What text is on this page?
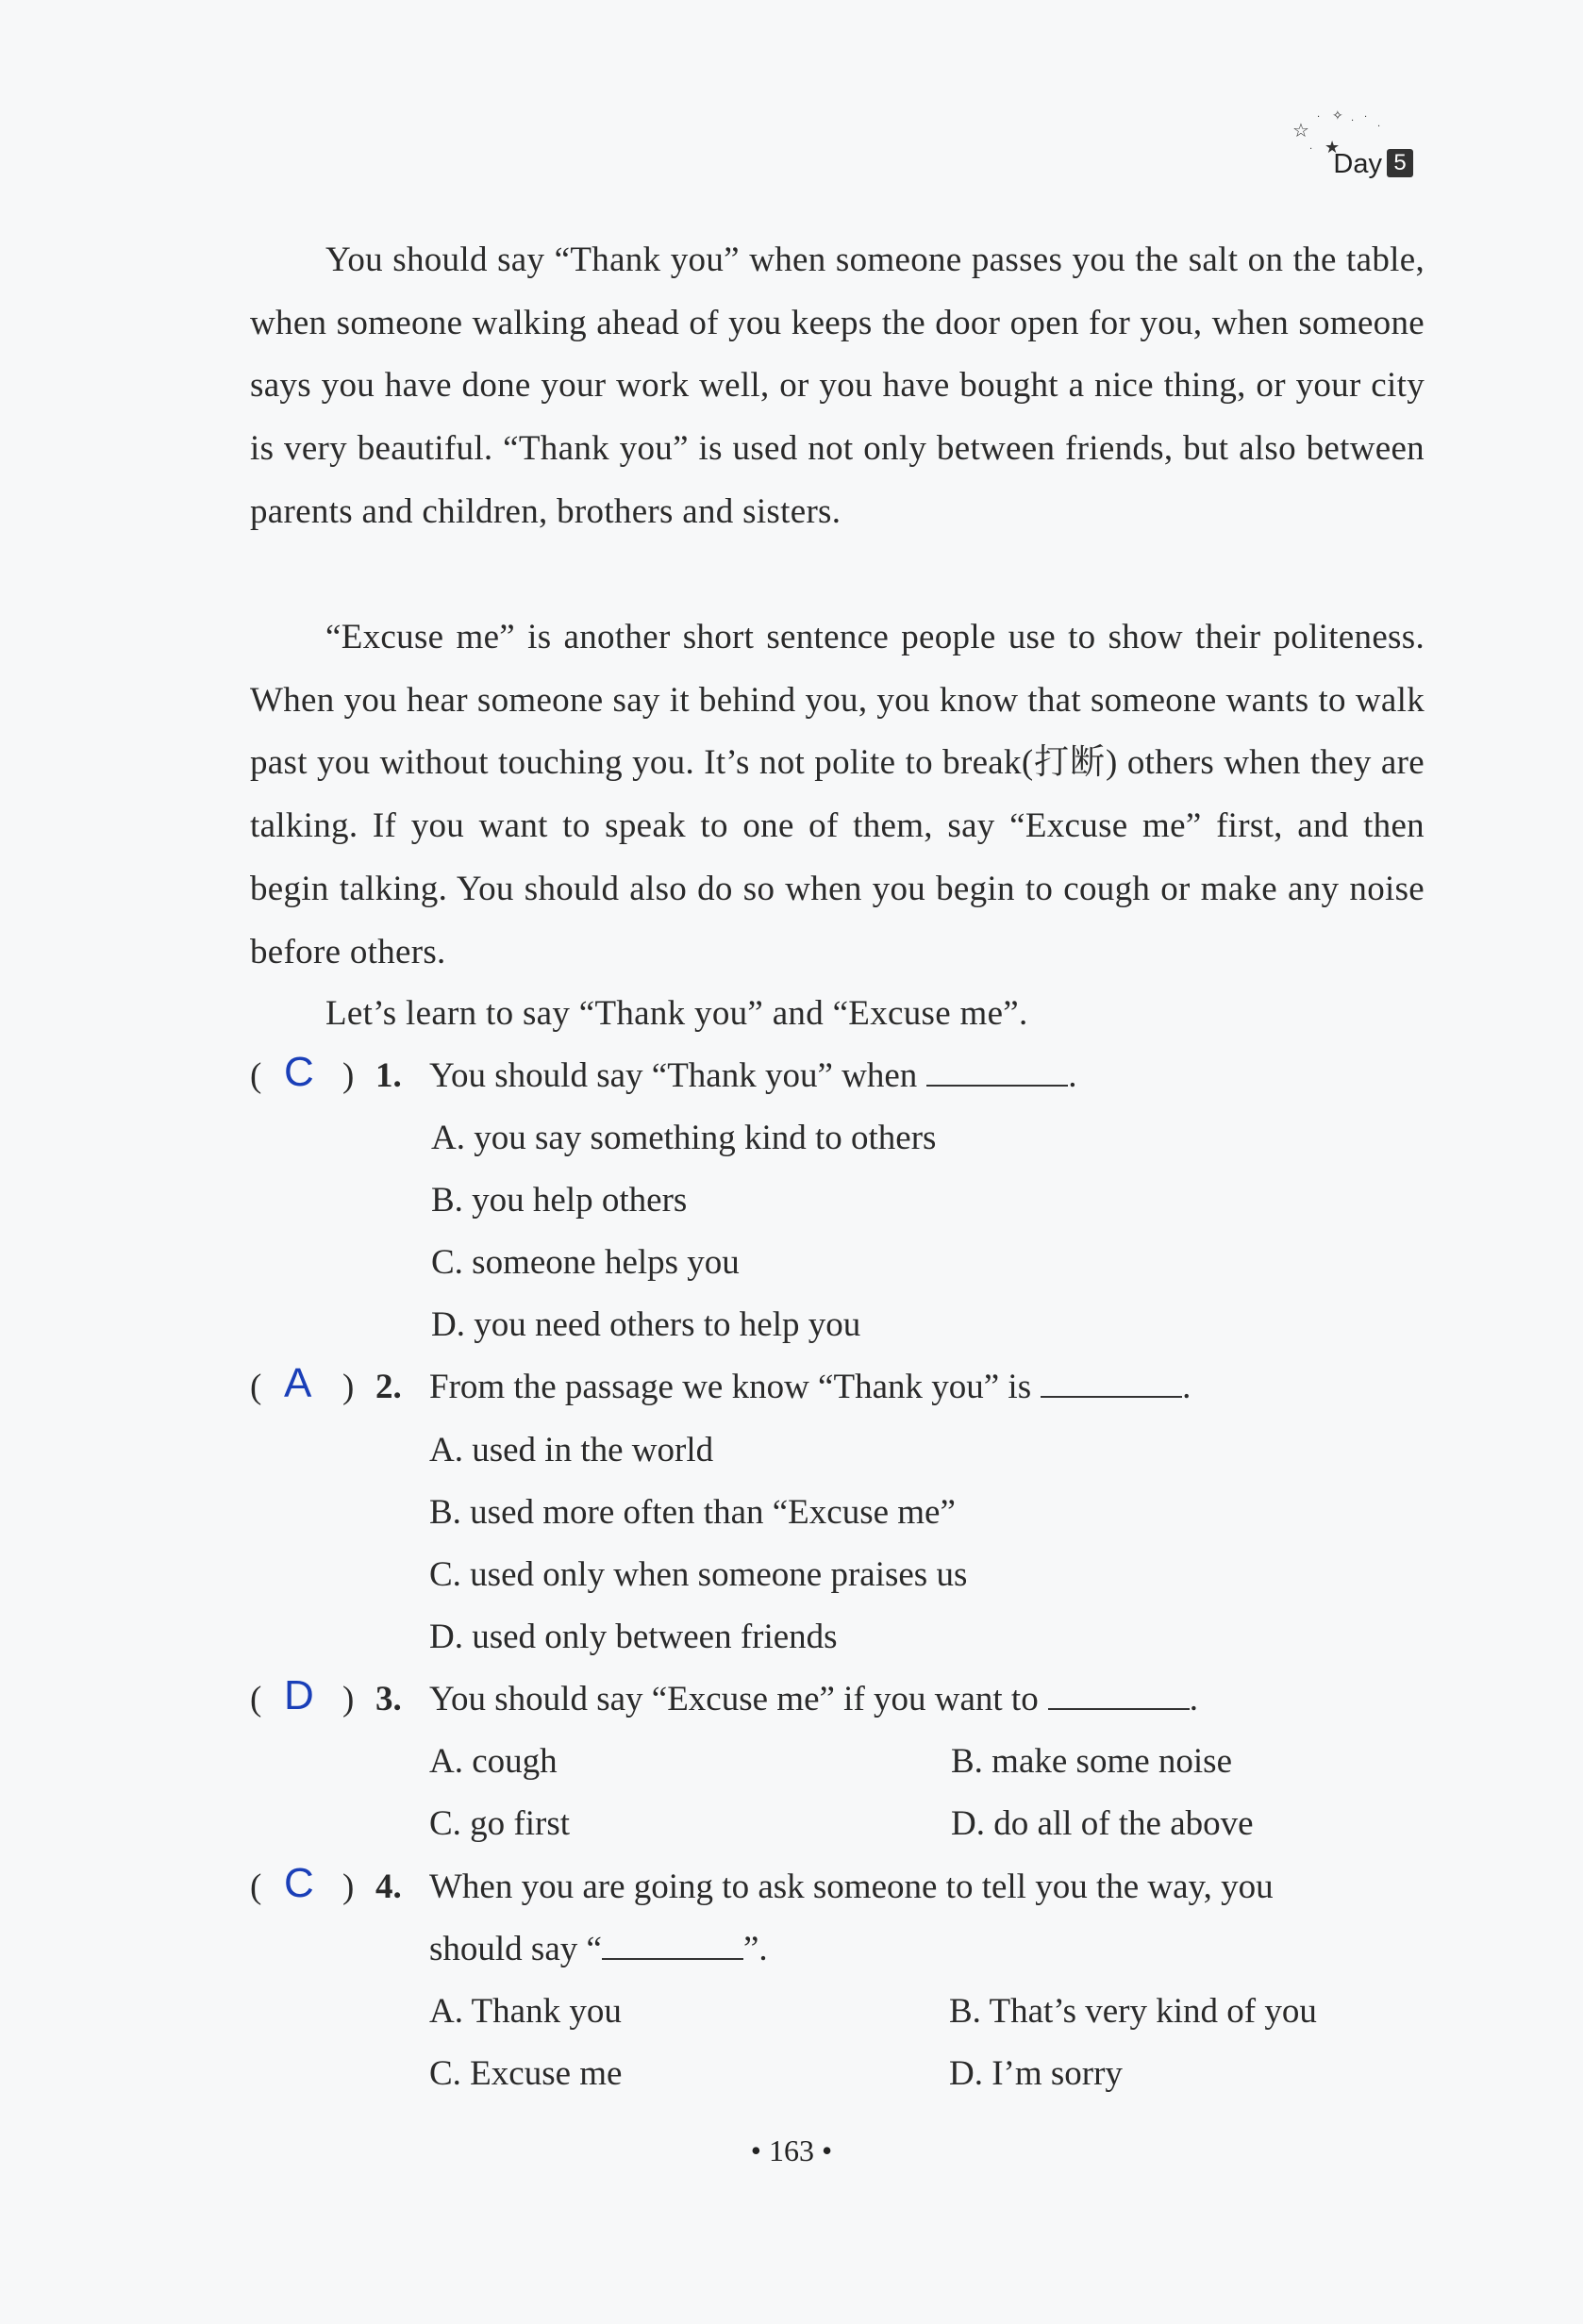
☆
· ✧ · ·
·
★
· Day 5
You should say “Thank you” when someone passes you the salt on the table, when someone walking ahead of you keeps the door open for you, when someone says you have done your work well, or you have bought a nice thing, or your city is very beautiful. “Thank you” is used not only between friends, but also between parents and children, brothers and sisters.
“Excuse me” is another short sentence people use to show their politeness. When you hear someone say it behind you, you know that someone wants to walk past you without touching you. It’s not polite to break(打断) others when they are talking. If you want to speak to one of them, say “Excuse me” first, and then begin talking. You should also do so when you begin to cough or make any noise before others.
Let’s learn to say “Thank you” and “Excuse me”.
( C ) 1. You should say “Thank you” when	.
A. you say something kind to others
B. you help others
C. someone helps you
D. you need others to help you
( A ) 2. From the passage we know “Thank you” is	.
A. used in the world
B. used more often than “Excuse me”
C. used only when someone praises us
D. used only between friends
( D ) 3. You should say “Excuse me” if you want to	.
A. cough	B. make some noise
C. go first	D. do all of the above
( C ) 4. When you are going to ask someone to tell you the way, you
should say “	”.
A. Thank you	B. That’s very kind of you
C. Excuse me	D. I’m sorry
• 163 •
